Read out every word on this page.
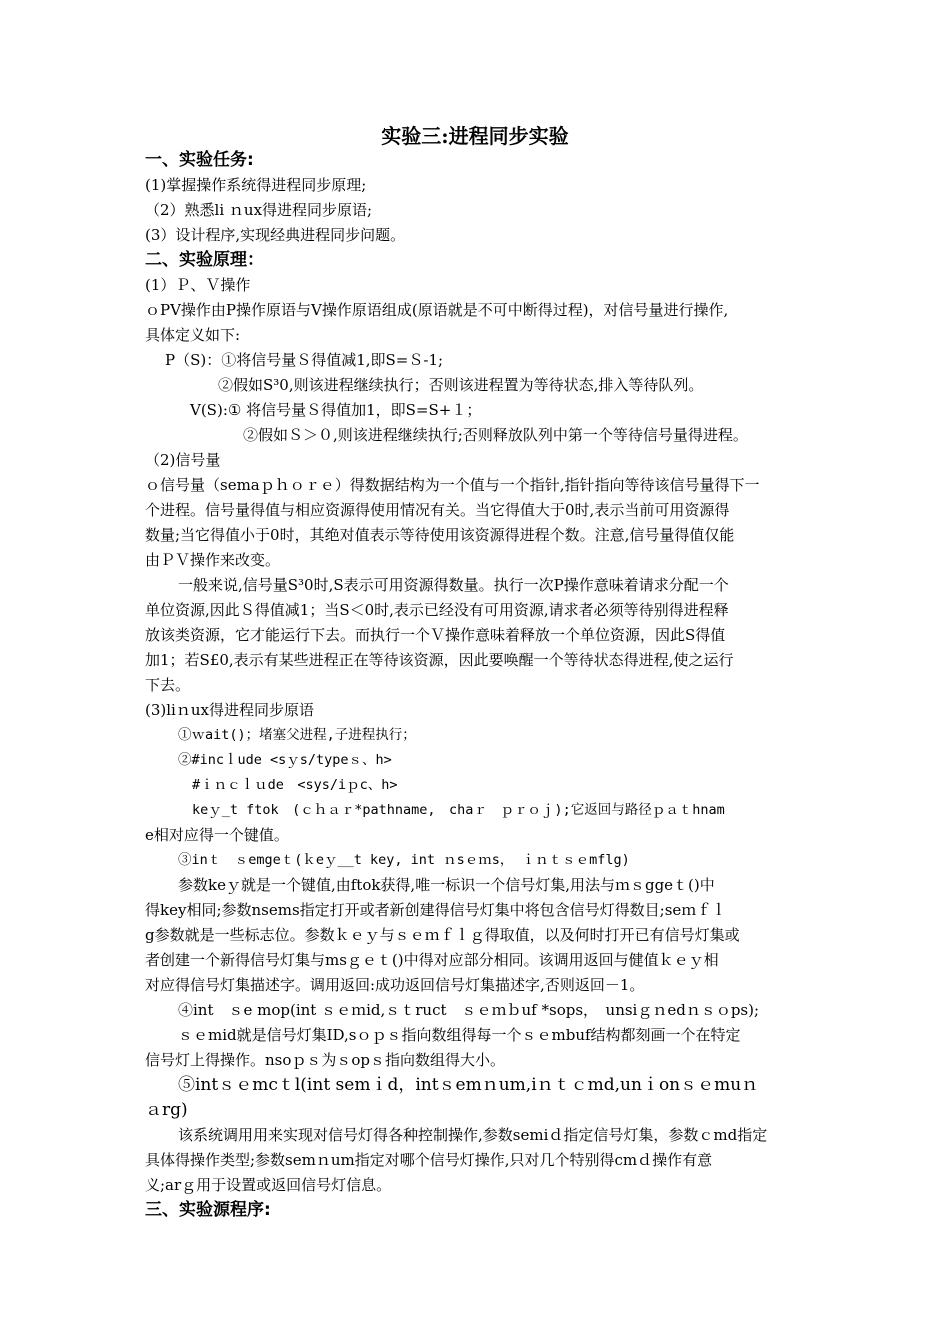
实验三:进程同步实验
一、实验任务:
(1)掌握操作系统得进程同步原理;
（2）熟悉li ｎux得进程同步原语;
(3）设计程序,实现经典进程同步问题。
二、实验原理：
(1）Ｐ、Ｖ操作
ｏPV操作由P操作原语与V操作原语组成(原语就是不可中断得过程)，对信号量进行操作,
具体定义如下:
P（S)：①将信号量Ｓ得值减1,即S=Ｓ-1;
②假如S³0,则该进程继续执行；否则该进程置为等待状态,排入等待队列。
V(S):① 将信号量Ｓ得值加1，即S=S+１；
②假如Ｓ＞０,则该进程继续执行;否则释放队列中第一个等待信号量得进程。
（2)信号量
ｏ信号量（semaｐｈｏｒｅ）得数据结构为一个值与一个指针,指针指向等待该信号量得下一
个进程。信号量得值与相应资源得使用情况有关。当它得值大于0时,表示当前可用资源得
数量;当它得值小于0时，其绝对值表示等待使用该资源得进程个数。注意,信号量得值仅能
由ＰＶ操作来改变。
一般来说,信号量S³0时,S表示可用资源得数量。执行一次P操作意味着请求分配一个
单位资源,因此Ｓ得值减1；当S＜0时,表示已经没有可用资源,请求者必须等待别得进程释
放该类资源，它才能运行下去。而执行一个Ｖ操作意味着释放一个单位资源，因此S得值
加1；若S£0,表示有某些进程正在等待该资源，因此要唤醒一个等待状态得进程,使之运行
下去。
(3)liｎux得进程同步原语
①ｗait()；堵塞父进程,子进程执行；
②#incｌude <sｙs/typeｓ、h>
#ｉｎｃｌｕde　<sys/iｐc、h>
keｙ_t ftok　(ｃｈａｒ*pathname,　chaｒ　ｐｒｏｊ);它返回与路径ｐａｔhnam
e相对应得一个键值。
③inｔ　ｓemgeｔ(ｋeｙ__t key, int ｎsｅｍs， ｉｎｔｓｅmflg)
参数keｙ就是一个键值,由ftok获得,唯一标识一个信号灯集,用法与ｍｓggeｔ()中
得key相同;参数nsems指定打开或者新创建得信号灯集中将包含信号灯得数目;seｍｆｌ
g参数就是一些标志位。参数ｋｅｙ与ｓｅｍｆｌｇ得取值，以及何时打开已有信号灯集或
者创建一个新得信号灯集与msｇｅｔ()中得对应部分相同。该调用返回与健值ｋｅｙ相
对应得信号灯集描述字。调用返回:成功返回信号灯集描述字,否则返回－1。
④int　ｓe mop(int ｓｅｍid,ｓｔruct　ｓｅｍｂuf *sops，　unsiｇｎedｎｓｏps);
ｓｅmid就是信号灯集ID,sｏｐｓ指向数组得每一个ｓｅmbuf结构都刻画一个在特定
信号灯上得操作。nsoｐｓ为ｓopｓ指向数组得大小。
⑤intｓｅmcｔl(int semｉd，intｓemｎum,iｎｔｃmd,unｉonｓｅmuｎ
ａrg)
该系统调用用来实现对信号灯得各种控制操作,参数semiｄ指定信号灯集，参数ｃmd指定
具体得操作类型;参数semｎum指定对哪个信号灯操作,只对几个特别得cmｄ操作有意
义;arｇ用于设置或返回信号灯信息。
三、实验源程序:
